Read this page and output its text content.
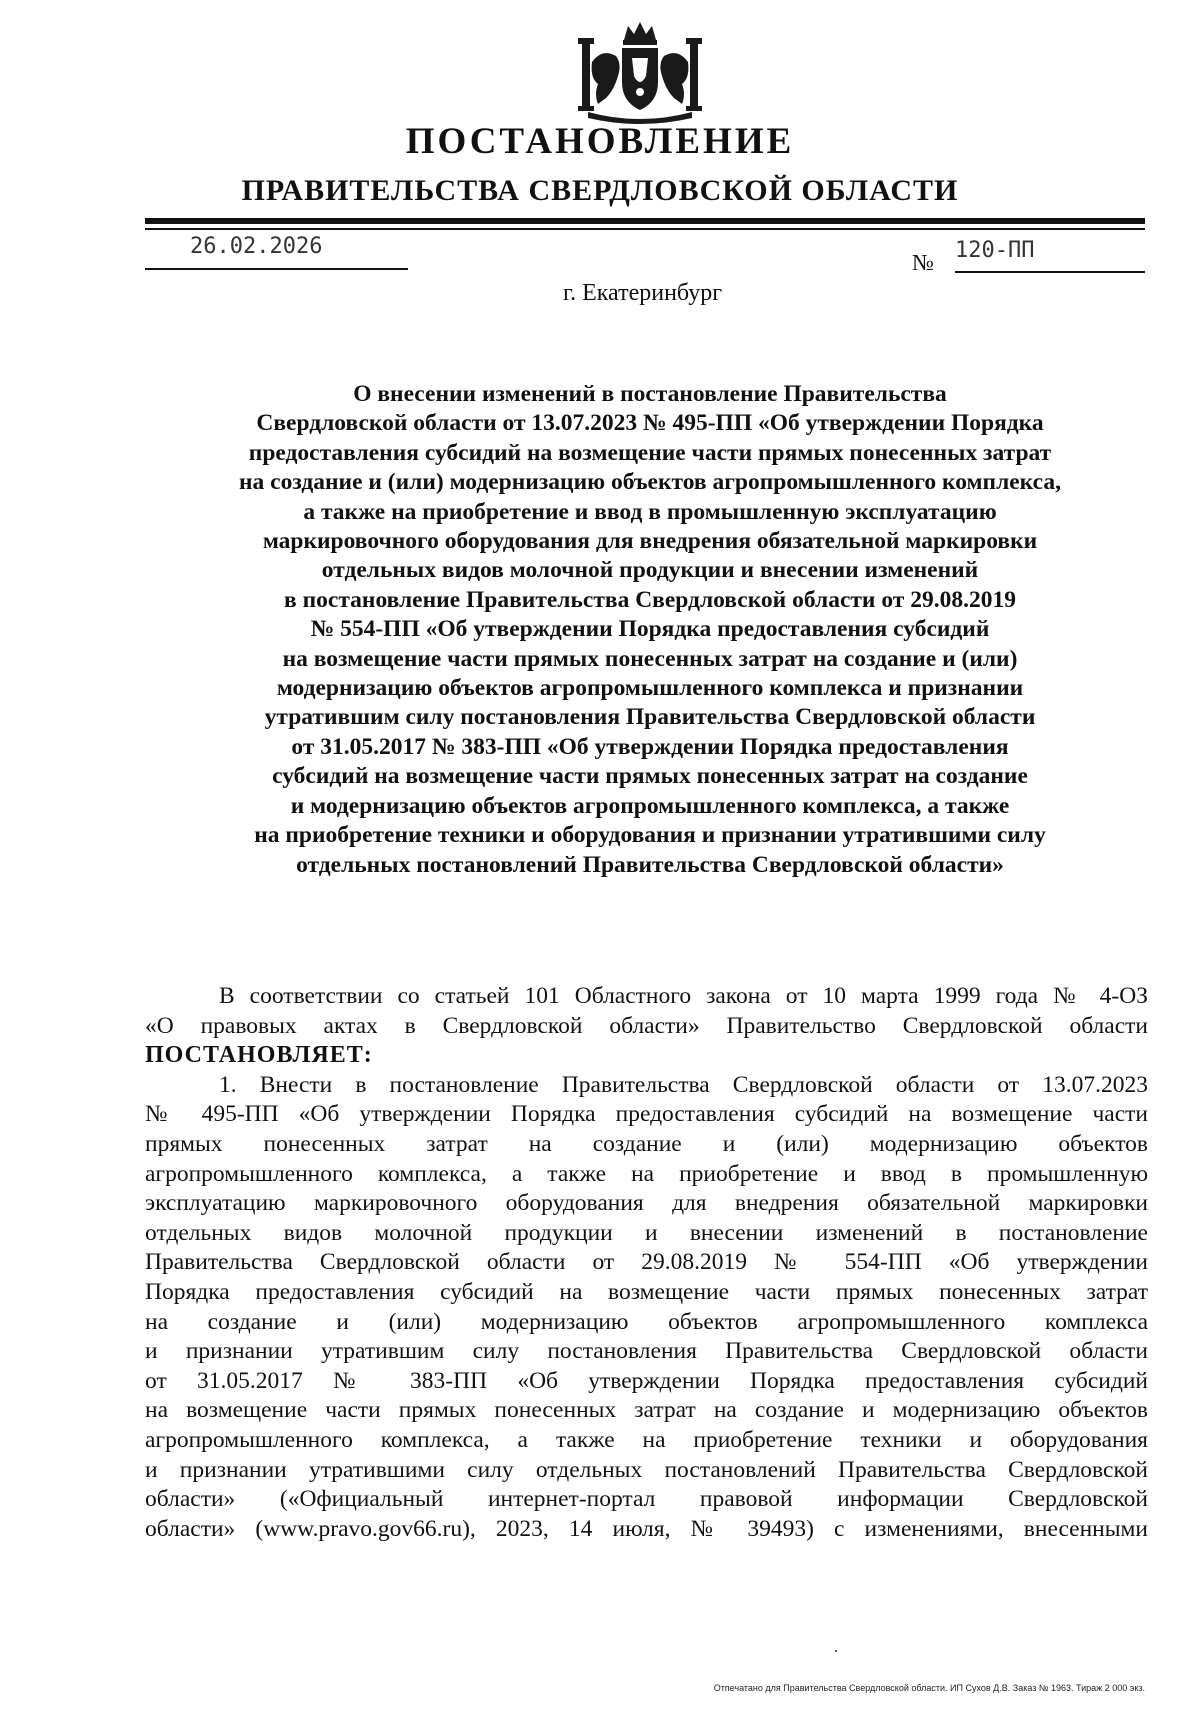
ПОСТАНОВЛЕНИЕ
ПРАВИТЕЛЬСТВА СВЕРДЛОВСКОЙ ОБЛАСТИ
26.02.2026
№ 120-ПП
г. Екатеринбург
О внесении изменений в постановление Правительства
Свердловской области от 13.07.2023 № 495-ПП «Об утверждении Порядка
предоставления субсидий на возмещение части прямых понесенных затрат
на создание и (или) модернизацию объектов агропромышленного комплекса,
а также на приобретение и ввод в промышленную эксплуатацию
маркировочного оборудования для внедрения обязательной маркировки
отдельных видов молочной продукции и внесении изменений
в постановление Правительства Свердловской области от 29.08.2019
№ 554-ПП «Об утверждении Порядка предоставления субсидий
на возмещение части прямых понесенных затрат на создание и (или)
модернизацию объектов агропромышленного комплекса и признании
утратившим силу постановления Правительства Свердловской области
от 31.05.2017 № 383-ПП «Об утверждении Порядка предоставления
субсидий на возмещение части прямых понесенных затрат на создание
и модернизацию объектов агропромышленного комплекса, а также
на приобретение техники и оборудования и признании утратившими силу
отдельных постановлений Правительства Свердловской области»
В соответствии со статьей 101 Областного закона от 10 марта 1999 года № 4-ОЗ
«О правовых актах в Свердловской области» Правительство Свердловской области
ПОСТАНОВЛЯЕТ:
1. Внести в постановление Правительства Свердловской области от 13.07.2023
№ 495-ПП «Об утверждении Порядка предоставления субсидий на возмещение части
прямых понесенных затрат на создание и (или) модернизацию объектов
агропромышленного комплекса, а также на приобретение и ввод в промышленную
эксплуатацию маркировочного оборудования для внедрения обязательной маркировки
отдельных видов молочной продукции и внесении изменений в постановление
Правительства Свердловской области от 29.08.2019 № 554-ПП «Об утверждении
Порядка предоставления субсидий на возмещение части прямых понесенных затрат
на создание и (или) модернизацию объектов агропромышленного комплекса
и признании утратившим силу постановления Правительства Свердловской области
от 31.05.2017 № 383-ПП «Об утверждении Порядка предоставления субсидий
на возмещение части прямых понесенных затрат на создание и модернизацию объектов
агропромышленного комплекса, а также на приобретение техники и оборудования
и признании утратившими силу отдельных постановлений Правительства Свердловской
области» («Официальный интернет-портал правовой информации Свердловской
области» (www.pravo.gov66.ru), 2023, 14 июля, № 39493) с изменениями, внесенными
Отпечатано для Правительства Свердловской области. ИП Сухов Д.В. Заказ № 1963. Тираж 2 000 экз.
